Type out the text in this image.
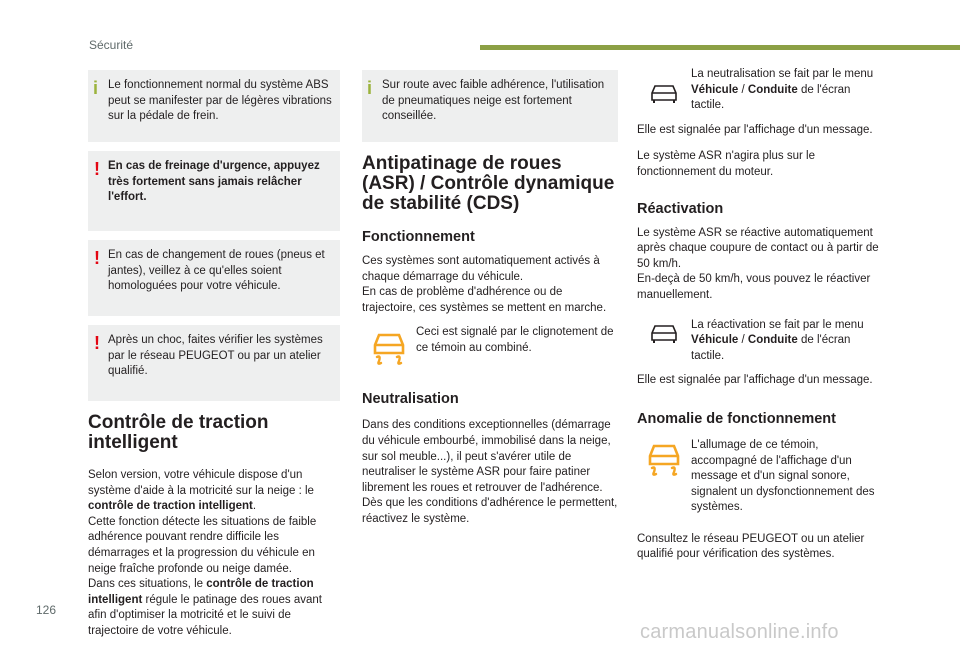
Sécurité
i Le fonctionnement normal du système ABS peut se manifester par de légères vibrations sur la pédale de frein.
! En cas de freinage d'urgence, appuyez très fortement sans jamais relâcher l'effort.
! En cas de changement de roues (pneus et jantes), veillez à ce qu'elles soient homologuées pour votre véhicule.
! Après un choc, faites vérifier les systèmes par le réseau PEUGEOT ou par un atelier qualifié.
Contrôle de traction intelligent

Selon version, votre véhicule dispose d'un système d'aide à la motricité sur la neige : le contrôle de traction intelligent.

Cette fonction détecte les situations de faible adhérence pouvant rendre difficile les démarrages et la progression du véhicule en neige fraîche profonde ou neige damée.

Dans ces situations, le contrôle de traction intelligent régule le patinage des roues avant afin d'optimiser la motricité et le suivi de trajectoire de votre véhicule.

i Sur route avec faible adhérence, l'utilisation de pneumatiques neige est fortement conseillée.
Antipatinage de roues (ASR) / Contrôle dynamique de stabilité (CDS)
Fonctionnement

Ces systèmes sont automatiquement activés à chaque démarrage du véhicule.

En cas de problème d'adhérence ou de trajectoire, ces systèmes se mettent en marche.

Ceci est signalé par le clignotement de ce témoin au combiné.
Neutralisation

Dans des conditions exceptionnelles (démarrage du véhicule embourbé, immobilisé dans la neige, sur sol meuble...), il peut s'avérer utile de neutraliser le système ASR pour faire patiner librement les roues et retrouver de l'adhérence.

Dès que les conditions d'adhérence le permettent, réactivez le système.

La neutralisation se fait par le menu Véhicule / Conduite de l'écran tactile.

Elle est signalée par l'affichage d'un message.

Le système ASR n'agira plus sur le fonctionnement du moteur.

Réactivation

Le système ASR se réactive automatiquement après chaque coupure de contact ou à partir de 50 km/h.

En-deçà de 50 km/h, vous pouvez le réactiver manuellement.

La réactivation se fait par le menu Véhicule / Conduite de l'écran tactile.

Elle est signalée par l'affichage d'un message.

Anomalie de fonctionnement
L'allumage de ce témoin, accompagné de l'affichage d'un message et d'un signal sonore, signalent un dysfonctionnement des systèmes.

Consultez le réseau PEUGEOT ou un atelier qualifié pour vérification des systèmes.

126
carmanualsonline.info
